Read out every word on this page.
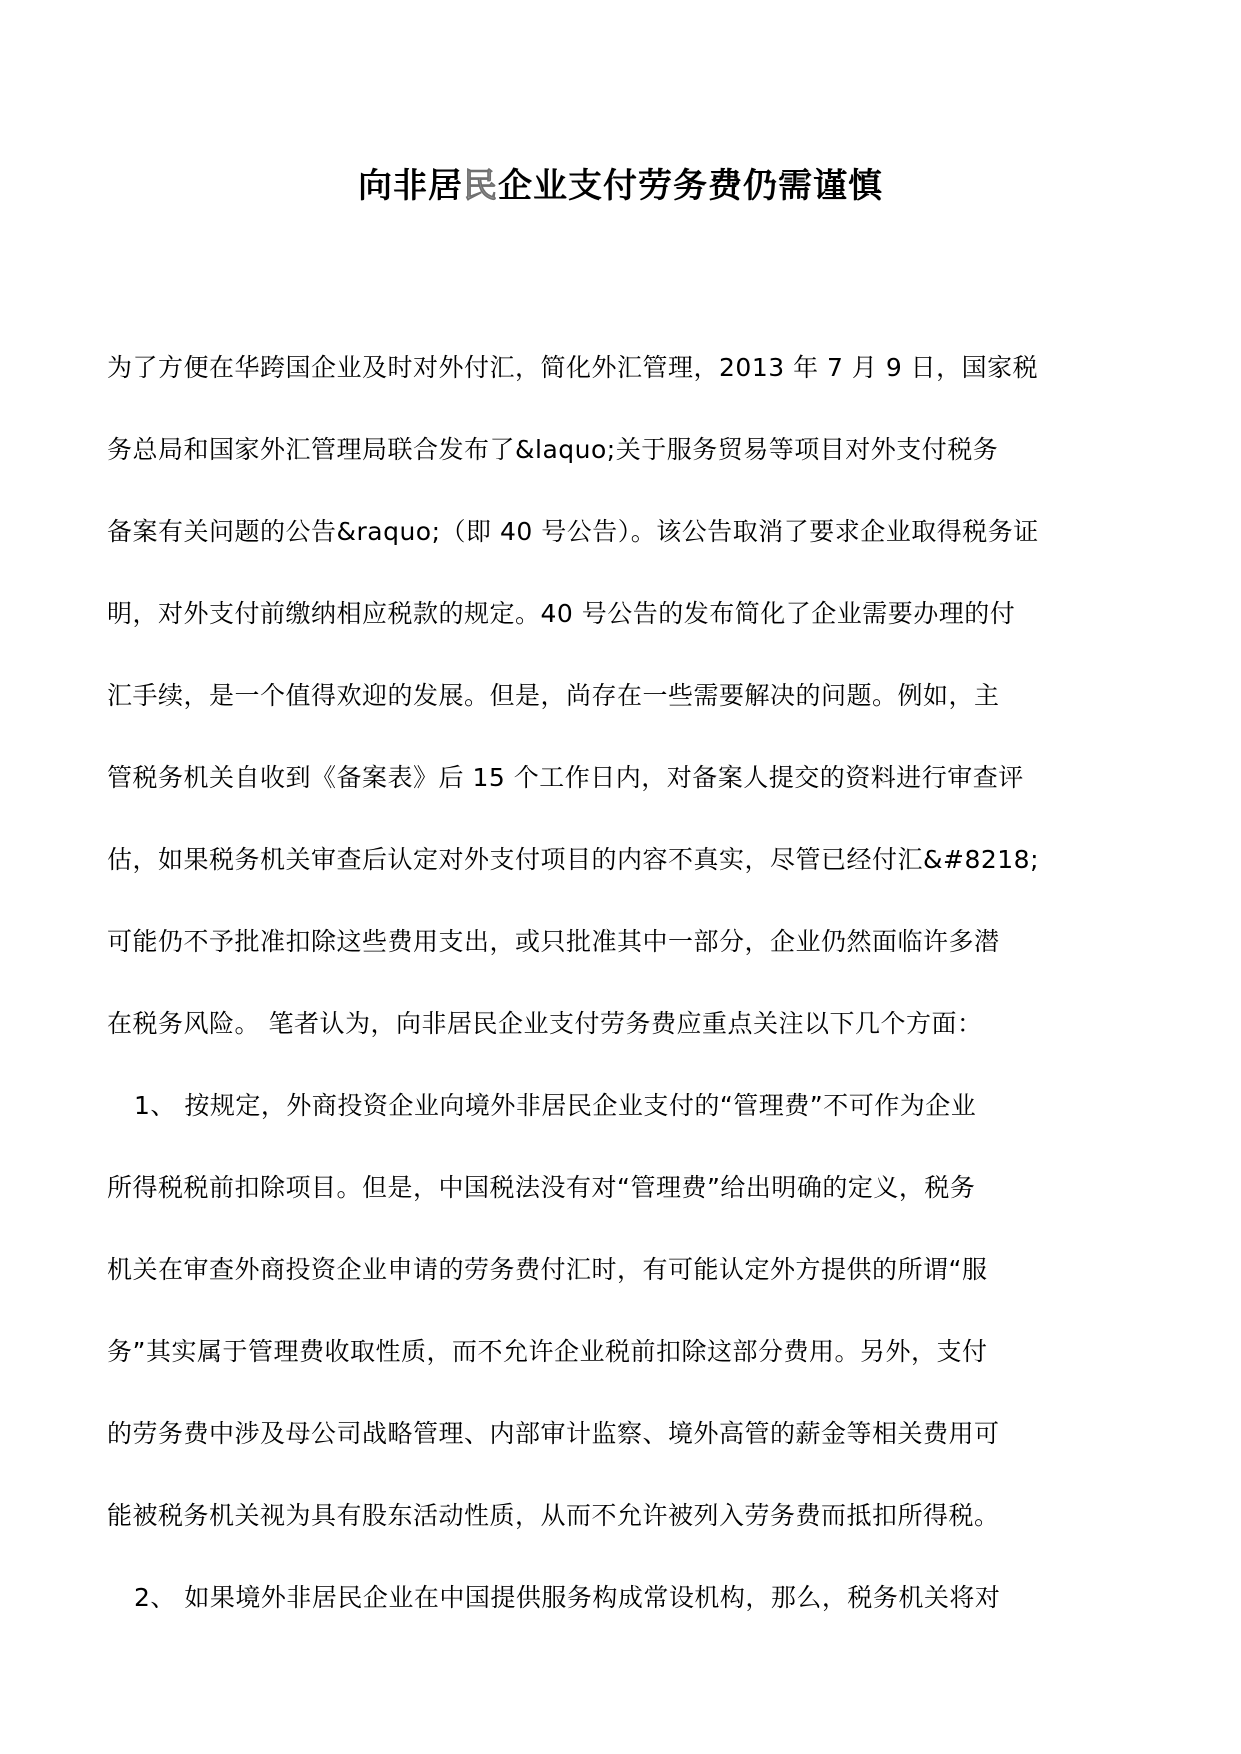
向非居民企业支付劳务费仍需谨慎
为了方便在华跨国企业及时对外付汇，简化外汇管理，2013 年 7 月 9 日，国家税
务总局和国家外汇管理局联合发布了&laquo;关于服务贸易等项目对外支付税务
备案有关问题的公告&raquo;（即 40 号公告）。该公告取消了要求企业取得税务证
明，对外支付前缴纳相应税款的规定。40 号公告的发布简化了企业需要办理的付
汇手续，是一个值得欢迎的发展。但是，尚存在一些需要解决的问题。例如，主
管税务机关自收到《备案表》后 15 个工作日内，对备案人提交的资料进行审查评
估，如果税务机关审查后认定对外支付项目的内容不真实，尽管已经付汇&#8218;
可能仍不予批准扣除这些费用支出，或只批准其中一部分，企业仍然面临许多潜
在税务风险。 笔者认为，向非居民企业支付劳务费应重点关注以下几个方面：
1、 按规定，外商投资企业向境外非居民企业支付的“管理费”不可作为企业
所得税税前扣除项目。但是，中国税法没有对“管理费”给出明确的定义，税务
机关在审查外商投资企业申请的劳务费付汇时，有可能认定外方提供的所谓“服
务”其实属于管理费收取性质，而不允许企业税前扣除这部分费用。另外，支付
的劳务费中涉及母公司战略管理、内部审计监察、境外高管的薪金等相关费用可
能被税务机关视为具有股东活动性质，从而不允许被列入劳务费而抵扣所得税。
2、 如果境外非居民企业在中国提供服务构成常设机构，那么，税务机关将对
